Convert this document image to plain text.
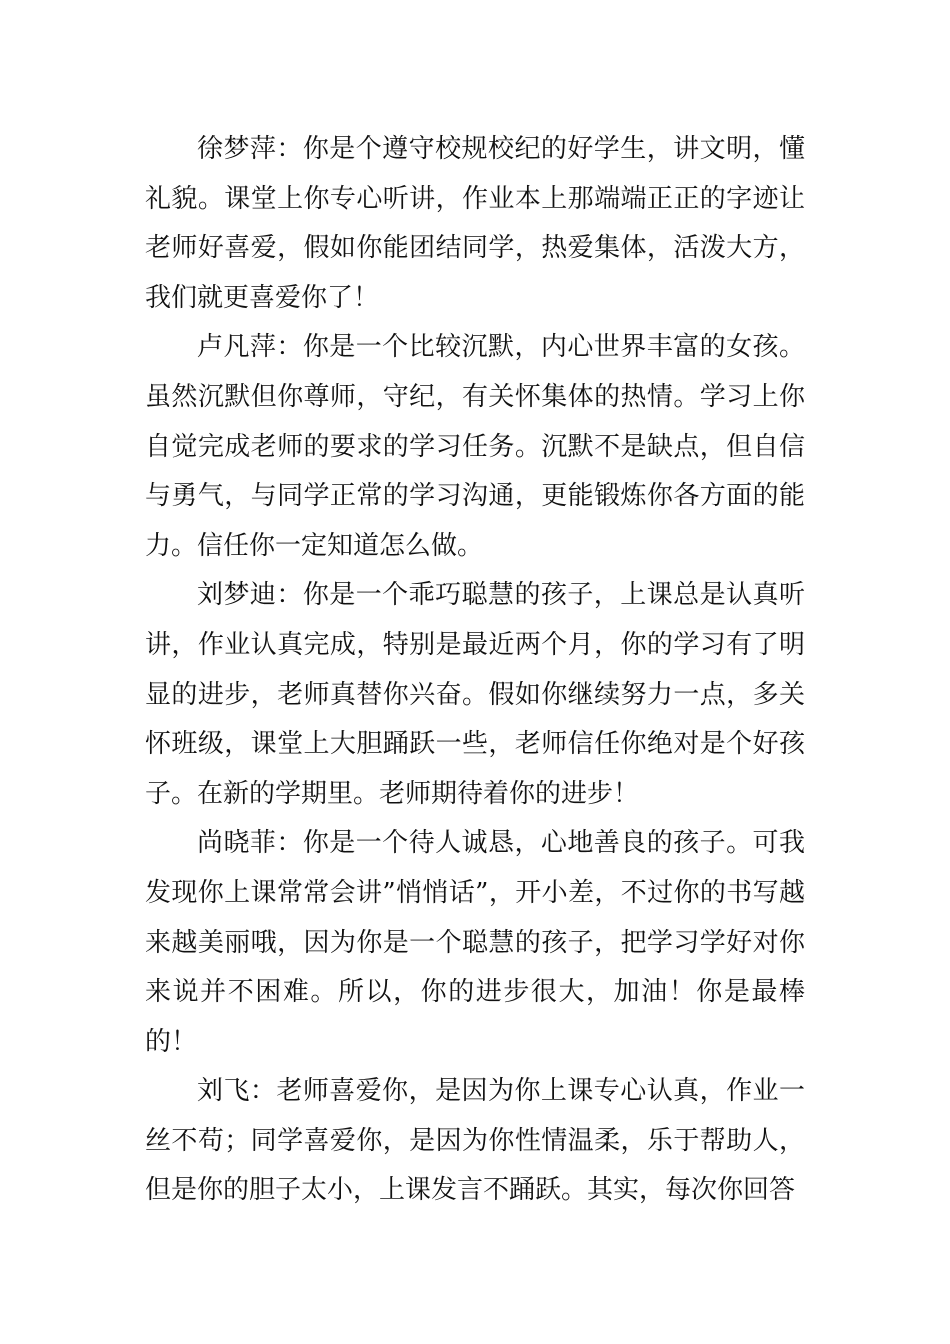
徐梦萍：你是个遵守校规校纪的好学生，讲文明，懂礼貌。课堂上你专心听讲，作业本上那端端正正的字迹让老师好喜爱，假如你能团结同学，热爱集体，活泼大方，我们就更喜爱你了！

卢凡萍：你是一个比较沉默，内心世界丰富的女孩。虽然沉默但你尊师，守纪，有关怀集体的热情。学习上你自觉完成老师的要求的学习任务。沉默不是缺点，但自信与勇气，与同学正常的学习沟通，更能锻炼你各方面的能力。信任你一定知道怎么做。

刘梦迪：你是一个乖巧聪慧的孩子，上课总是认真听讲，作业认真完成，特别是最近两个月，你的学习有了明显的进步，老师真替你兴奋。假如你继续努力一点，多关怀班级，课堂上大胆踊跃一些，老师信任你绝对是个好孩子。在新的学期里。老师期待着你的进步！

尚晓菲：你是一个待人诚恳，心地善良的孩子。可我发现你上课常常会讲”悄悄话”，开小差，不过你的书写越来越美丽哦，因为你是一个聪慧的孩子，把学习学好对你来说并不困难。所以，你的进步很大，加油！你是最棒的！

刘飞：老师喜爱你，是因为你上课专心认真，作业一丝不苟；同学喜爱你，是因为你性情温柔，乐于帮助人，但是你的胆子太小，上课发言不踊跃。其实，每次你回答
